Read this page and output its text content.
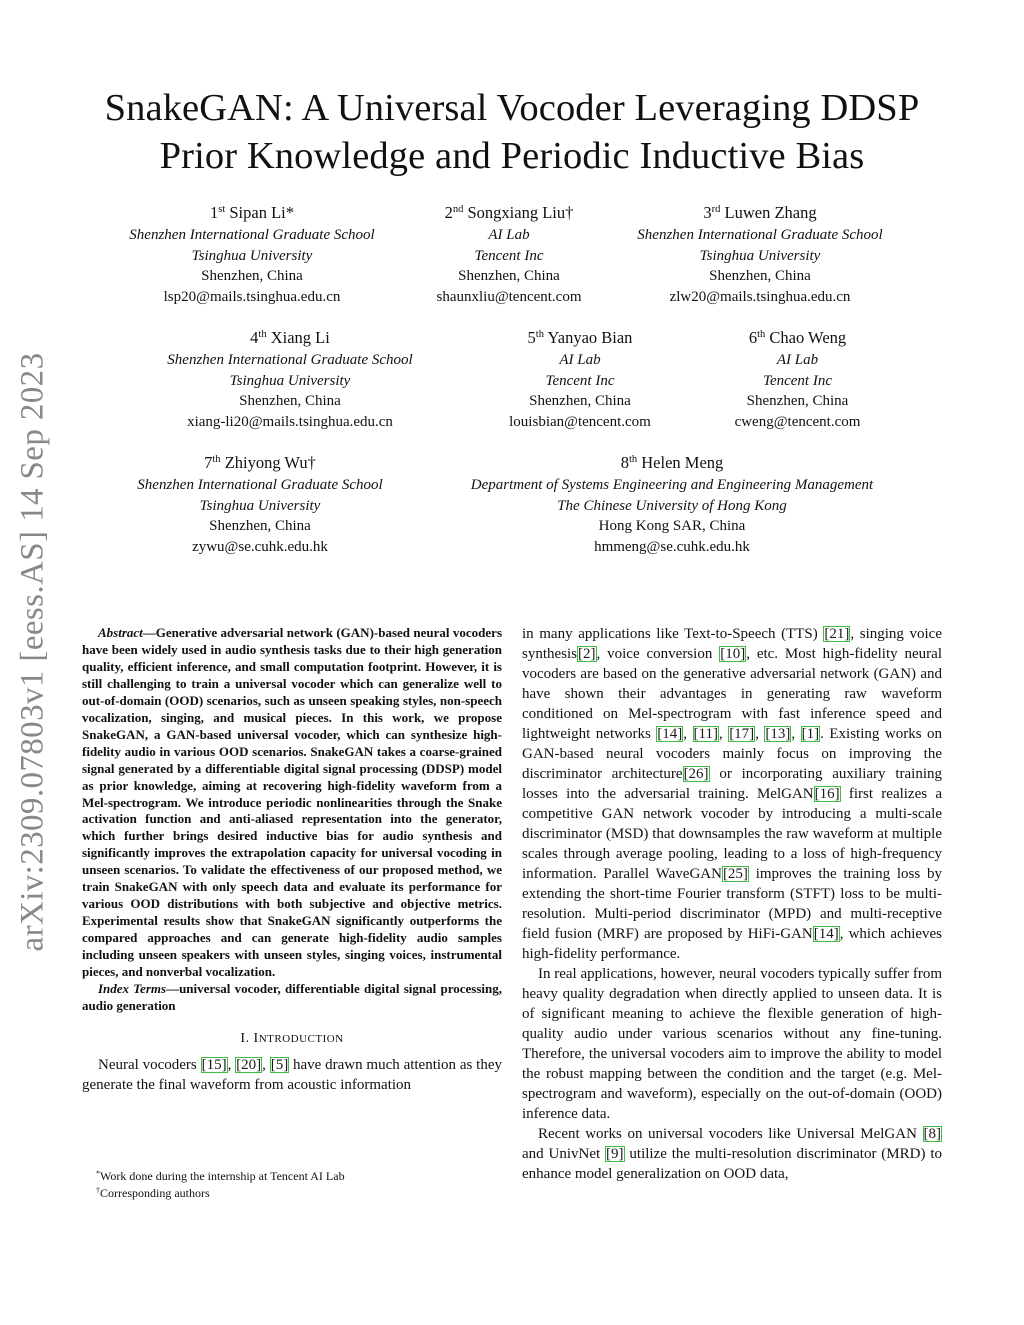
SnakeGAN: A Universal Vocoder Leveraging DDSP
Prior Knowledge and Periodic Inductive Bias
1st Sipan Li*
Shenzhen International Graduate School
Tsinghua University
Shenzhen, China
lsp20@mails.tsinghua.edu.cn
2nd Songxiang Liu†
AI Lab
Tencent Inc
Shenzhen, China
shaunxliu@tencent.com
3rd Luwen Zhang
Shenzhen International Graduate School
Tsinghua University
Shenzhen, China
zlw20@mails.tsinghua.edu.cn
4th Xiang Li
Shenzhen International Graduate School
Tsinghua University
Shenzhen, China
xiang-li20@mails.tsinghua.edu.cn
5th Yanyao Bian
AI Lab
Tencent Inc
Shenzhen, China
louisbian@tencent.com
6th Chao Weng
AI Lab
Tencent Inc
Shenzhen, China
cweng@tencent.com
7th Zhiyong Wu†
Shenzhen International Graduate School
Tsinghua University
Shenzhen, China
zywu@se.cuhk.edu.hk
8th Helen Meng
Department of Systems Engineering and Engineering Management
The Chinese University of Hong Kong
Hong Kong SAR, China
hmmeng@se.cuhk.edu.hk
arXiv:2309.07803v1 [eess.AS] 14 Sep 2023	Abstract—Generative adversarial network (GAN)-based neural vocoders have been widely used in audio synthesis tasks due to their high generation quality, efficient inference, and small computation footprint. However, it is still challenging to train a universal vocoder which can generalize well to out-of-domain (OOD) scenarios, such as unseen speaking styles, non-speech vocalization, singing, and musical pieces. In this work, we propose SnakeGAN, a GAN-based universal vocoder, which can synthesize high-fidelity audio in various OOD scenarios. SnakeGAN takes a coarse-grained signal generated by a differentiable digital signal processing (DDSP) model as prior knowledge, aiming at recovering high-fidelity waveform from a Mel-spectrogram. We introduce periodic nonlinearities through the Snake activation function and anti-aliased representation into the generator, which further brings desired inductive bias for audio synthesis and significantly improves the extrapolation capacity for universal vocoding in unseen scenarios. To validate the effectiveness of our proposed method, we train SnakeGAN with only speech data and evaluate its performance for various OOD distributions with both subjective and objective metrics. Experimental results show that SnakeGAN significantly outperforms the compared approaches and can generate high-fidelity audio samples including unseen speakers with unseen styles, singing voices, instrumental pieces, and nonverbal vocalization.

Index Terms—universal vocoder, differentiable digital signal processing, audio generation

I. INTRODUCTION

Neural vocoders [15], [20], [5] have drawn much attention as they generate the final waveform from acoustic information

*Work done during the internship at Tencent AI Lab
†Corresponding authors

in many applications like Text-to-Speech (TTS) [21], singing voice synthesis[2], voice conversion [10], etc. Most high-fidelity neural vocoders are based on the generative adversarial network (GAN) and have shown their advantages in generating raw waveform conditioned on Mel-spectrogram with fast inference speed and lightweight networks [14], [11], [17], [13], [1]. Existing works on GAN-based neural vocoders mainly focus on improving the discriminator architecture[26] or incorporating auxiliary training losses into the adversarial training. MelGAN[16] first realizes a competitive GAN network vocoder by introducing a multi-scale discriminator (MSD) that downsamples the raw waveform at multiple scales through average pooling, leading to a loss of high-frequency information. Parallel WaveGAN[25] improves the training loss by extending the short-time Fourier transform (STFT) loss to be multi-resolution. Multi-period discriminator (MPD) and multi-receptive field fusion (MRF) are proposed by HiFi-GAN[14], which achieves high-fidelity performance.

In real applications, however, neural vocoders typically suffer from heavy quality degradation when directly applied to unseen data. It is of significant meaning to achieve the flexible generation of high-quality audio under various scenarios without any fine-tuning. Therefore, the universal vocoders aim to improve the ability to model the robust mapping between the condition and the target (e.g. Mel-spectrogram and waveform), especially on the out-of-domain (OOD) inference data.

Recent works on universal vocoders like Universal MelGAN [8] and UnivNet [9] utilize the multi-resolution discriminator (MRD) to enhance model generalization on OOD data,
